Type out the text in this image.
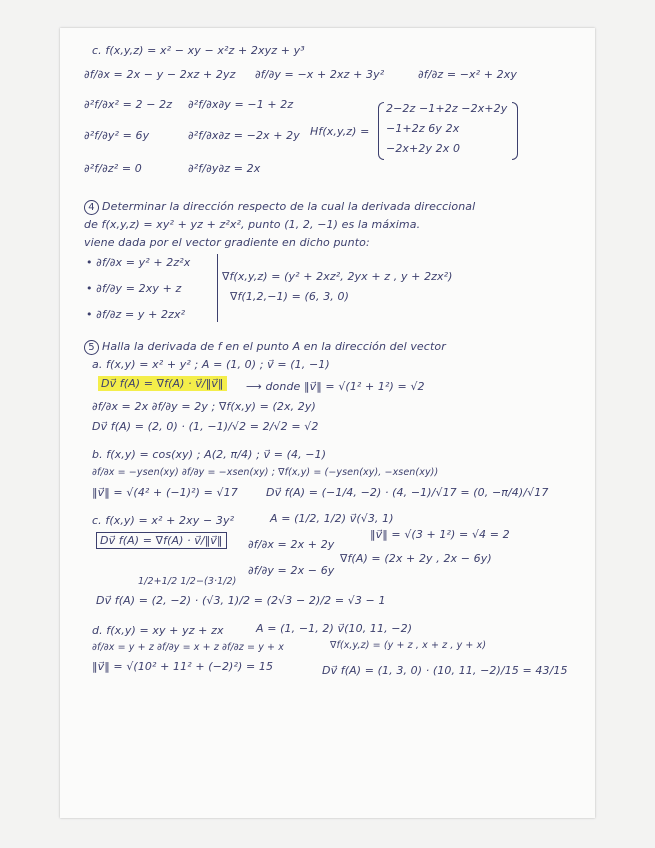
c. f(x,y,z) = x² − xy − x²z + 2xyz + y³
∂f/∂x = 2x − y − 2xz + 2yz ∂f/∂y = −x + 2xz + 3y²	∂f/∂z = −x² + 2xy
∂²f/∂x² = 2 − 2z ∂²f/∂x∂y = −1 + 2z
∂²f/∂y² = 6y	∂²f/∂x∂z = −2x + 2y
∂²f/∂z² = 0	∂²f/∂y∂z = 2x
Hf(x,y,z) =
2−2z −1+2z −2x+2y
−1+2z 6y 2x
−2x+2y 2x 0
4 Determinar la dirección respecto de la cual la derivada direccional
de f(x,y,z) = xy² + yz + z²x², punto (1, 2, −1) es la máxima.
viene dada por el vector gradiente en dicho punto:
• ∂f/∂x = y² + 2z²x
• ∂f/∂y = 2xy + z
• ∂f/∂z = y + 2zx²
∇f(x,y,z) = (y² + 2xz², 2yx + z , y + 2zx²)
∇f(1,2,−1) = (6, 3, 0)
5 Halla la derivada de f en el punto A en la dirección del vector
a. f(x,y) = x² + y² ; A = (1, 0) ; v⃗ = (1, −1)
Dv⃗ f(A) = ∇f(A) · v⃗/‖v⃗‖ ⟶ donde ‖v⃗‖ = √(1² + 1²) = √2
∂f/∂x = 2x ∂f/∂y = 2y ; ∇f(x,y) = (2x, 2y)
Dv⃗ f(A) = (2, 0) · (1, −1)/√2 = 2/√2 = √2
b. f(x,y) = cos(xy) ; A(2, π/4) ; v⃗ = (4, −1)
∂f/∂x = −ysen(xy) ∂f/∂y = −xsen(xy) ; ∇f(x,y) = (−ysen(xy), −xsen(xy))
‖v⃗‖ = √(4² + (−1)²) = √17	Dv⃗ f(A) = (−1/4, −2) · (4, −1)/√17 = (0, −π/4)/√17
c. f(x,y) = x² + 2xy − 3y²	A = (1/2, 1/2) v⃗(√3, 1)
‖v⃗‖ = √(3 + 1²) = √4 = 2
Dv⃗ f(A) = ∇f(A) · v⃗/‖v⃗‖	∂f/∂x = 2x + 2y
∇f(A) = (2x + 2y , 2x − 6y)
∂f/∂y = 2x − 6y
1/2+1/2 1/2−(3·1/2)
Dv⃗ f(A) = (2, −2) · (√3, 1)/2 = (2√3 − 2)/2 = √3 − 1
d. f(x,y) = xy + yz + zx	A = (1, −1, 2) v⃗(10, 11, −2)
∇f(x,y,z) = (y + z , x + z , y + x)
∂f/∂x = y + z ∂f/∂y = x + z ∂f/∂z = y + x
‖v⃗‖ = √(10² + 11² + (−2)²) = 15	Dv⃗ f(A) = (1, 3, 0) · (10, 11, −2)/15 = 43/15
